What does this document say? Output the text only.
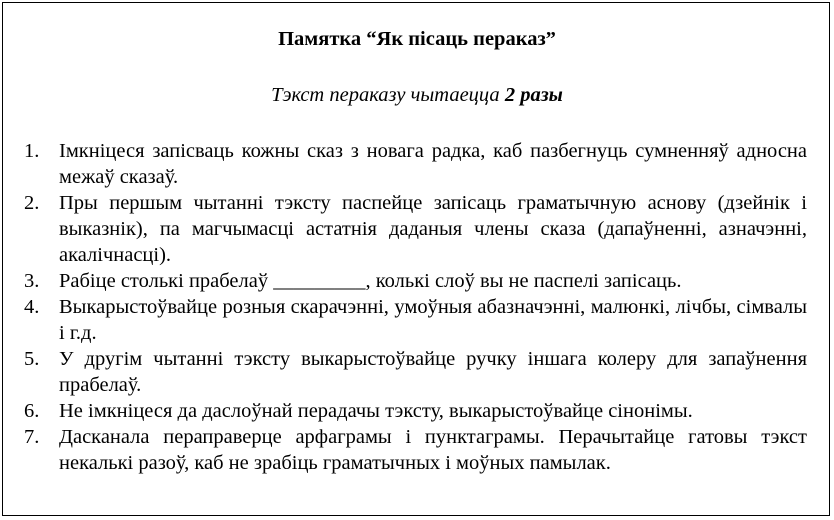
Памятка “Як пісаць пераказ”
Тэкст пераказу чытаецца 2 разы
1. Імкніцеся запісваць кожны сказ з новага радка, каб пазбегнуць сумненняў адносна межаў сказаў.
2. Пры першым чытанні тэксту паспейце запісаць граматычную аснову (дзейнік і выказнік), па магчымасці астатнія даданыя члены сказа (дапаўненні, азначэнні, акалічнасці).
3. Рабіце столькі прабелаў _________, колькі слоў вы не паспелі запісаць.
4. Выкарыстоўвайце розныя скарачэнні, умоўныя абазначэнні, малюнкі, лічбы, сімвалы і г.д.
5. У другім чытанні тэксту выкарыстоўвайце ручку іншага колеру для запаўнення прабелаў.
6. Не імкніцеся да даслоўнай перадачы тэксту, выкарыстоўвайце сінонімы.
7. Дасканала пераправерце арфаграмы і пунктаграмы. Перачытайце гатовы тэкст некалькі разоў, каб не зрабіць граматычных і моўных памылак.
